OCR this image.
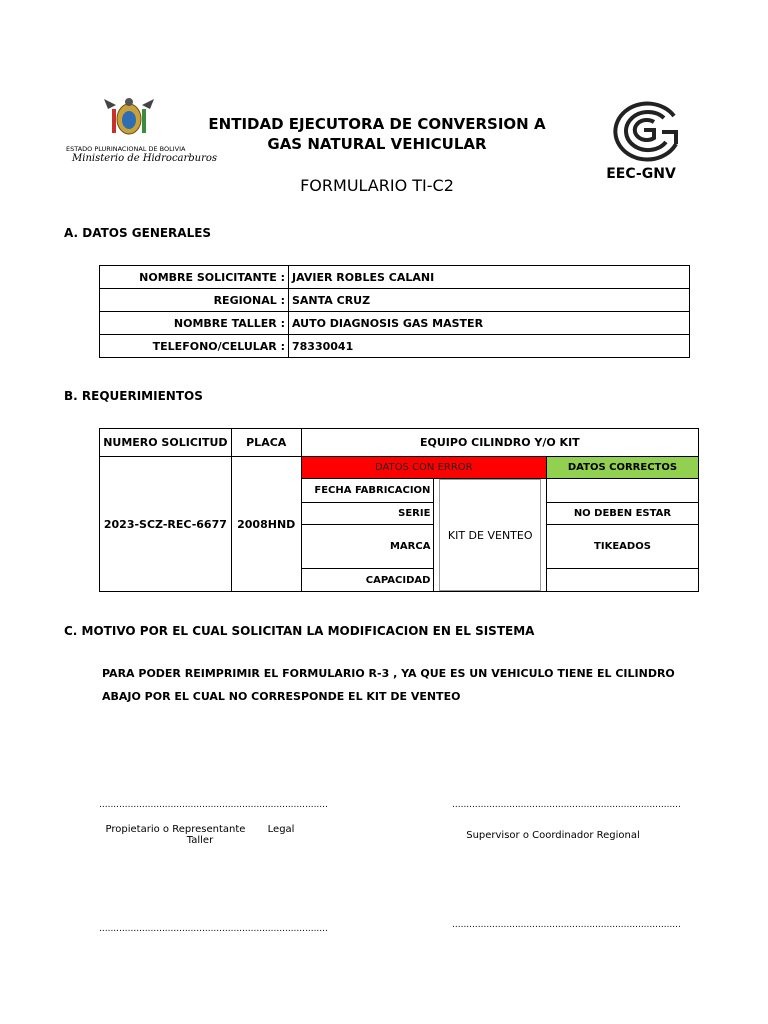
ESTADO PLURINACIONAL DE BOLIVIA
Ministerio de Hidrocarburos
ENTIDAD EJECUTORA DE CONVERSION A
GAS NATURAL VEHICULAR
FORMULARIO TI-C2
EEC-GNV
A. DATOS GENERALES
NOMBRE SOLICITANTE :	JAVIER ROBLES CALANI
REGIONAL :	SANTA CRUZ
NOMBRE TALLER :	AUTO DIAGNOSIS GAS MASTER
TELEFONO/CELULAR :	78330041
B. REQUERIMIENTOS
NUMERO SOLICITUD	PLACA	EQUIPO CILINDRO Y/O KIT		
2023-SCZ-REC-6677	2008HND	DATOS CON ERROR		DATOS CORRECTOS
		FECHA FABRICACION	KIT DE VENTEO	

		SERIE		NO DEBEN ESTAR
		MARCA		TIKEADOS
		CAPACIDAD		
C. MOTIVO POR EL CUAL SOLICITAN LA MODIFICACION EN EL SISTEMA
PARA PODER REIMPRIMIR EL FORMULARIO R-3 , YA QUE ES UN VEHICULO TIENE EL CILINDRO
ABAJO POR EL CUAL NO CORRESPONDE EL KIT DE VENTEO
................................................................................
Propietario o Representante       Legal
Taller
................................................................................
Supervisor o Coordinador Regional
................................................................................	................................................................................
